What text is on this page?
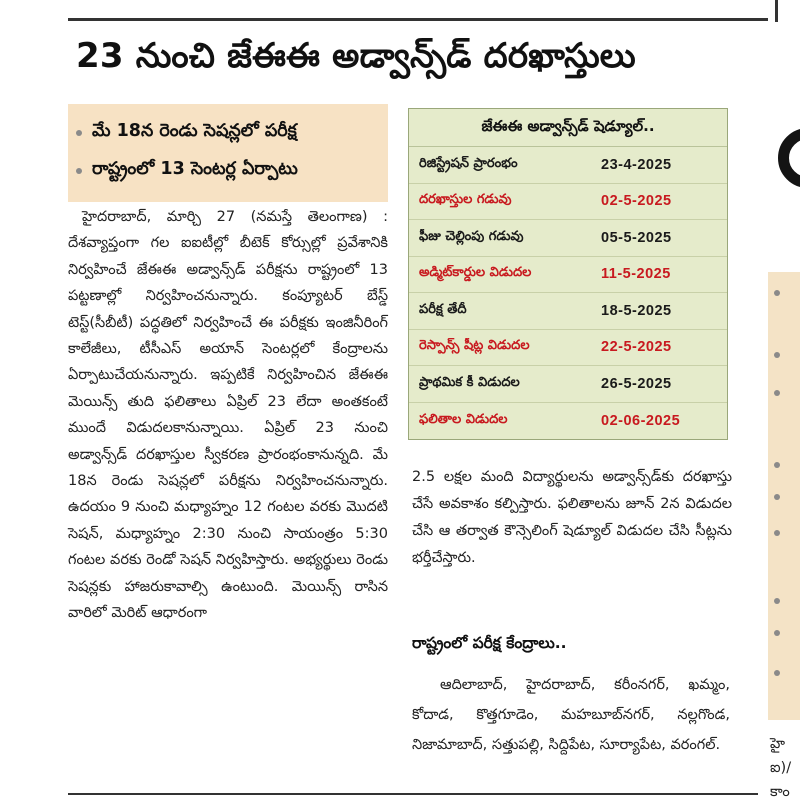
23 నుంచి జేఈఈ అడ్వాన్స్‌డ్ దరఖాస్తులు
మే 18న రెండు సెషన్లలో పరీక్ష
రాష్ట్రంలో 13 సెంటర్ల ఏర్పాటు
హైదరాబాద్, మార్చి 27 (నమస్తే తెలంగాణ) : దేశవ్యాప్తంగా గల ఐఐటీల్లో బీటెక్ కోర్సుల్లో ప్రవేశానికి నిర్వహించే జేఈఈ అడ్వాన్స్‌డ్ పరీక్షను రాష్ట్రంలో 13 పట్టణాల్లో నిర్వహించనున్నారు. కంప్యూటర్ బేస్డ్ టెస్ట్(సీబీటీ) పద్ధతిలో నిర్వహించే ఈ పరీక్షకు ఇంజినీరింగ్ కాలేజీలు, టీసీఎస్ అయాన్ సెంటర్లలో కేంద్రాలను ఏర్పాటుచేయనున్నారు. ఇప్పటికే నిర్వహించిన జేఈఈ మెయిన్స్ తుది ఫలితాలు ఏప్రిల్ 23 లేదా అంతకంటే ముందే విడుదలకానున్నాయి. ఏప్రిల్ 23 నుంచి అడ్వాన్స్‌డ్ దరఖాస్తుల స్వీకరణ ప్రారంభంకానున్నది. మే 18న రెండు సెషన్లలో పరీక్షను నిర్వహించనున్నారు. ఉదయం 9 నుంచి మధ్యాహ్నం 12 గంటల వరకు మొదటి సెషన్, మధ్యాహ్నం 2:30 నుంచి సాయంత్రం 5:30 గంటల వరకు రెండో సెషన్ నిర్వహిస్తారు. అభ్యర్థులు రెండు సెషన్లకు హాజరుకావాల్సి ఉంటుంది. మెయిన్స్ రాసిన వారిలో మెరిట్ ఆధారంగా
జేఈఈ అడ్వాన్స్‌డ్ షెడ్యూల్..
రిజిస్ట్రేషన్ ప్రారంభం	23-4-2025
దరఖాస్తుల గడువు	02-5-2025
ఫీజు చెల్లింపు గడువు	05-5-2025
అడ్మిట్‌కార్డుల విడుదల	11-5-2025
పరీక్ష తేదీ	18-5-2025
రెస్పాన్స్ షీట్ల విడుదల	22-5-2025
ప్రాథమిక కీ విడుదల	26-5-2025
ఫలితాల విడుదల	02-06-2025
2.5 లక్షల మంది విద్యార్థులను అడ్వాన్స్‌డ్‌కు దరఖాస్తు చేసే అవకాశం కల్పిస్తారు. ఫలితాలను జూన్ 2న విడుదల చేసి ఆ తర్వాత కౌన్సెలింగ్ షెడ్యూల్ విడుదల చేసి సీట్లను భర్తీచేస్తారు.
రాష్ట్రంలో పరీక్ష కేంద్రాలు..
ఆదిలాబాద్, హైదరాబాద్, కరీంనగర్, ఖమ్మం, కోదాడ, కొత్తగూడెం, మహబూబ్‌నగర్, నల్లగొండ, నిజామాబాద్, సత్తుపల్లి, సిద్దిపేట, సూర్యాపేట, వరంగల్.	హై
ఐ)/
కాం
